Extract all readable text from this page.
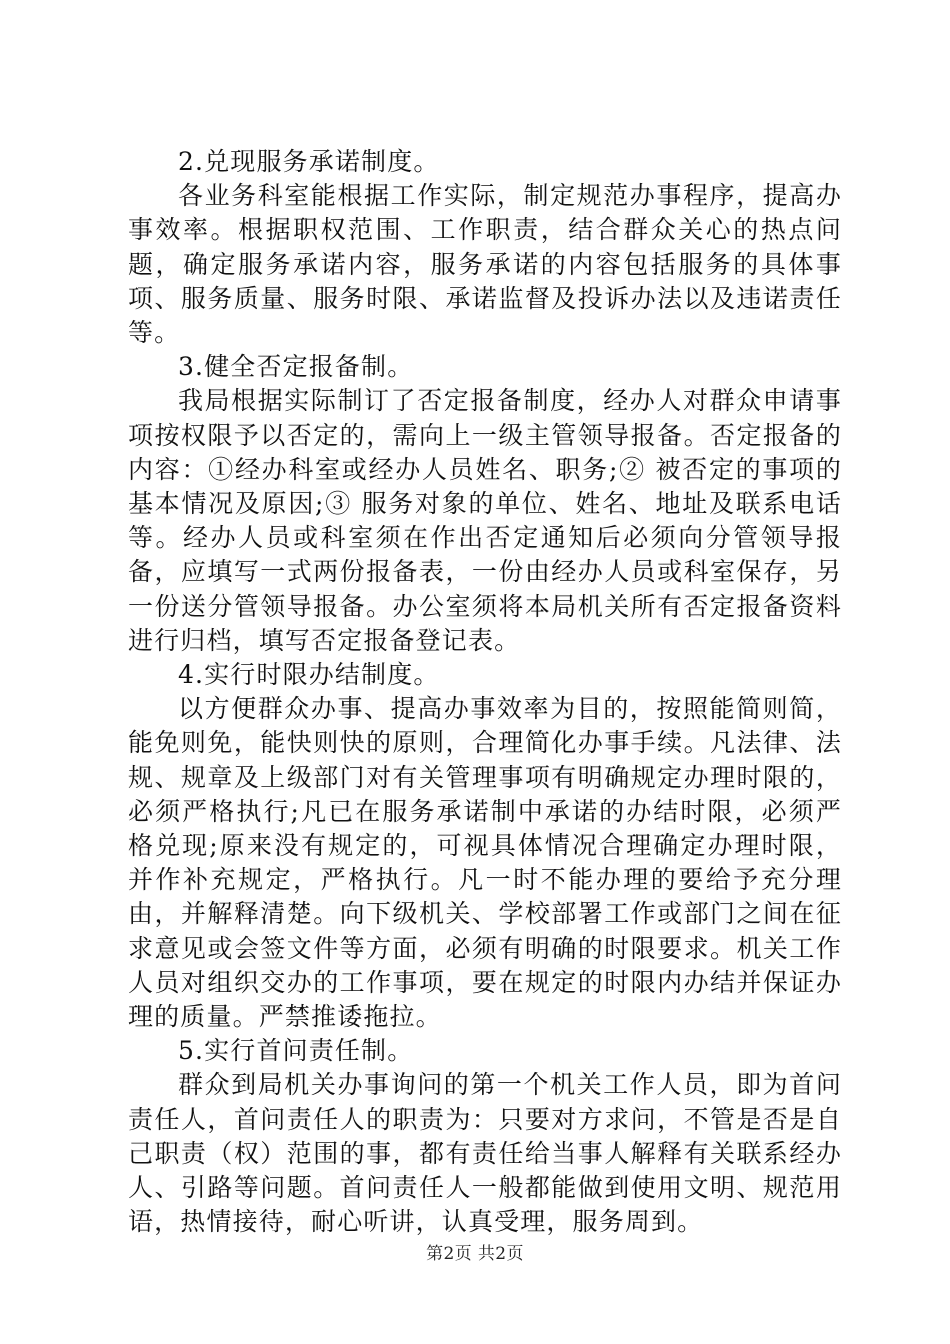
2.兑现服务承诺制度。

各业务科室能根据工作实际，制定规范办事程序，提高办事效率。根据职权范围、工作职责，结合群众关心的热点问题，确定服务承诺内容，服务承诺的内容包括服务的具体事项、服务质量、服务时限、承诺监督及投诉办法以及违诺责任等。

3.健全否定报备制。

我局根据实际制订了否定报备制度，经办人对群众申请事项按权限予以否定的，需向上一级主管领导报备。否定报备的内容：①经办科室或经办人员姓名、职务;② 被否定的事项的基本情况及原因;③ 服务对象的单位、姓名、地址及联系电话等。经办人员或科室须在作出否定通知后必须向分管领导报备，应填写一式两份报备表，一份由经办人员或科室保存，另一份送分管领导报备。办公室须将本局机关所有否定报备资料进行归档，填写否定报备登记表。

4.实行时限办结制度。

以方便群众办事、提高办事效率为目的，按照能简则简，能免则免，能快则快的原则，合理简化办事手续。凡法律、法规、规章及上级部门对有关管理事项有明确规定办理时限的，必须严格执行;凡已在服务承诺制中承诺的办结时限，必须严格兑现;原来没有规定的，可视具体情况合理确定办理时限，并作补充规定，严格执行。凡一时不能办理的要给予充分理由，并解释清楚。向下级机关、学校部署工作或部门之间在征求意见或会签文件等方面，必须有明确的时限要求。机关工作人员对组织交办的工作事项，要在规定的时限内办结并保证办理的质量。严禁推诿拖拉。

5.实行首问责任制。

群众到局机关办事询问的第一个机关工作人员，即为首问责任人，首问责任人的职责为：只要对方求问，不管是否是自己职责（权）范围的事，都有责任给当事人解释有关联系经办人、引路等问题。首问责任人一般都能做到使用文明、规范用语，热情接待，耐心听讲，认真受理，服务周到。

第2页 共2页
